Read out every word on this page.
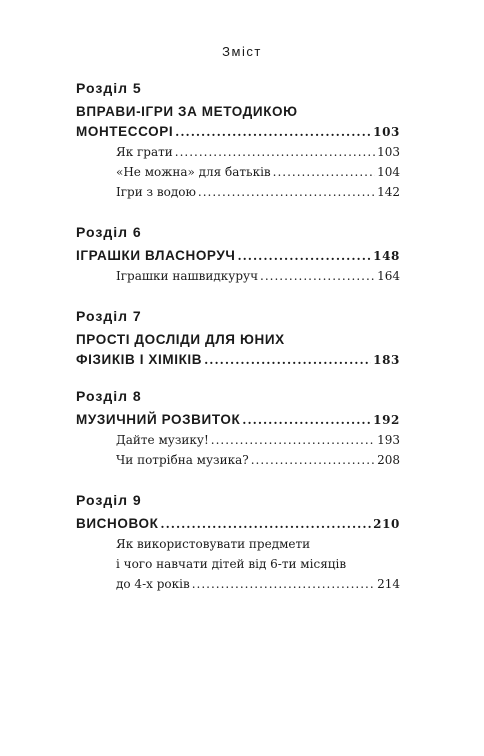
Зміст
Розділ 5
ВПРАВИ-ІГРИ ЗА МЕТОДИКОЮ
МОНТЕССОРІ .....	103
Як грати .....	103
«Не можна» для батьків .....	104
Ігри з водою .....	142
Розділ 6
ІГРАШКИ ВЛАСНОРУЧ .....	148
Іграшки нашвидкуруч .....	164
Розділ 7
ПРОСТІ ДОСЛІДИ ДЛЯ ЮНИХ
ФІЗИКІВ І ХІМІКІВ .....	183
Розділ 8
МУЗИЧНИЙ РОЗВИТОК .....	192
Дайте музику! .....	193
Чи потрібна музика? .....	208
Розділ 9
ВИСНОВОК .....	210
Як використовувати предмети
і чого навчати дітей від 6-ти місяців
до 4-х років .....	214
